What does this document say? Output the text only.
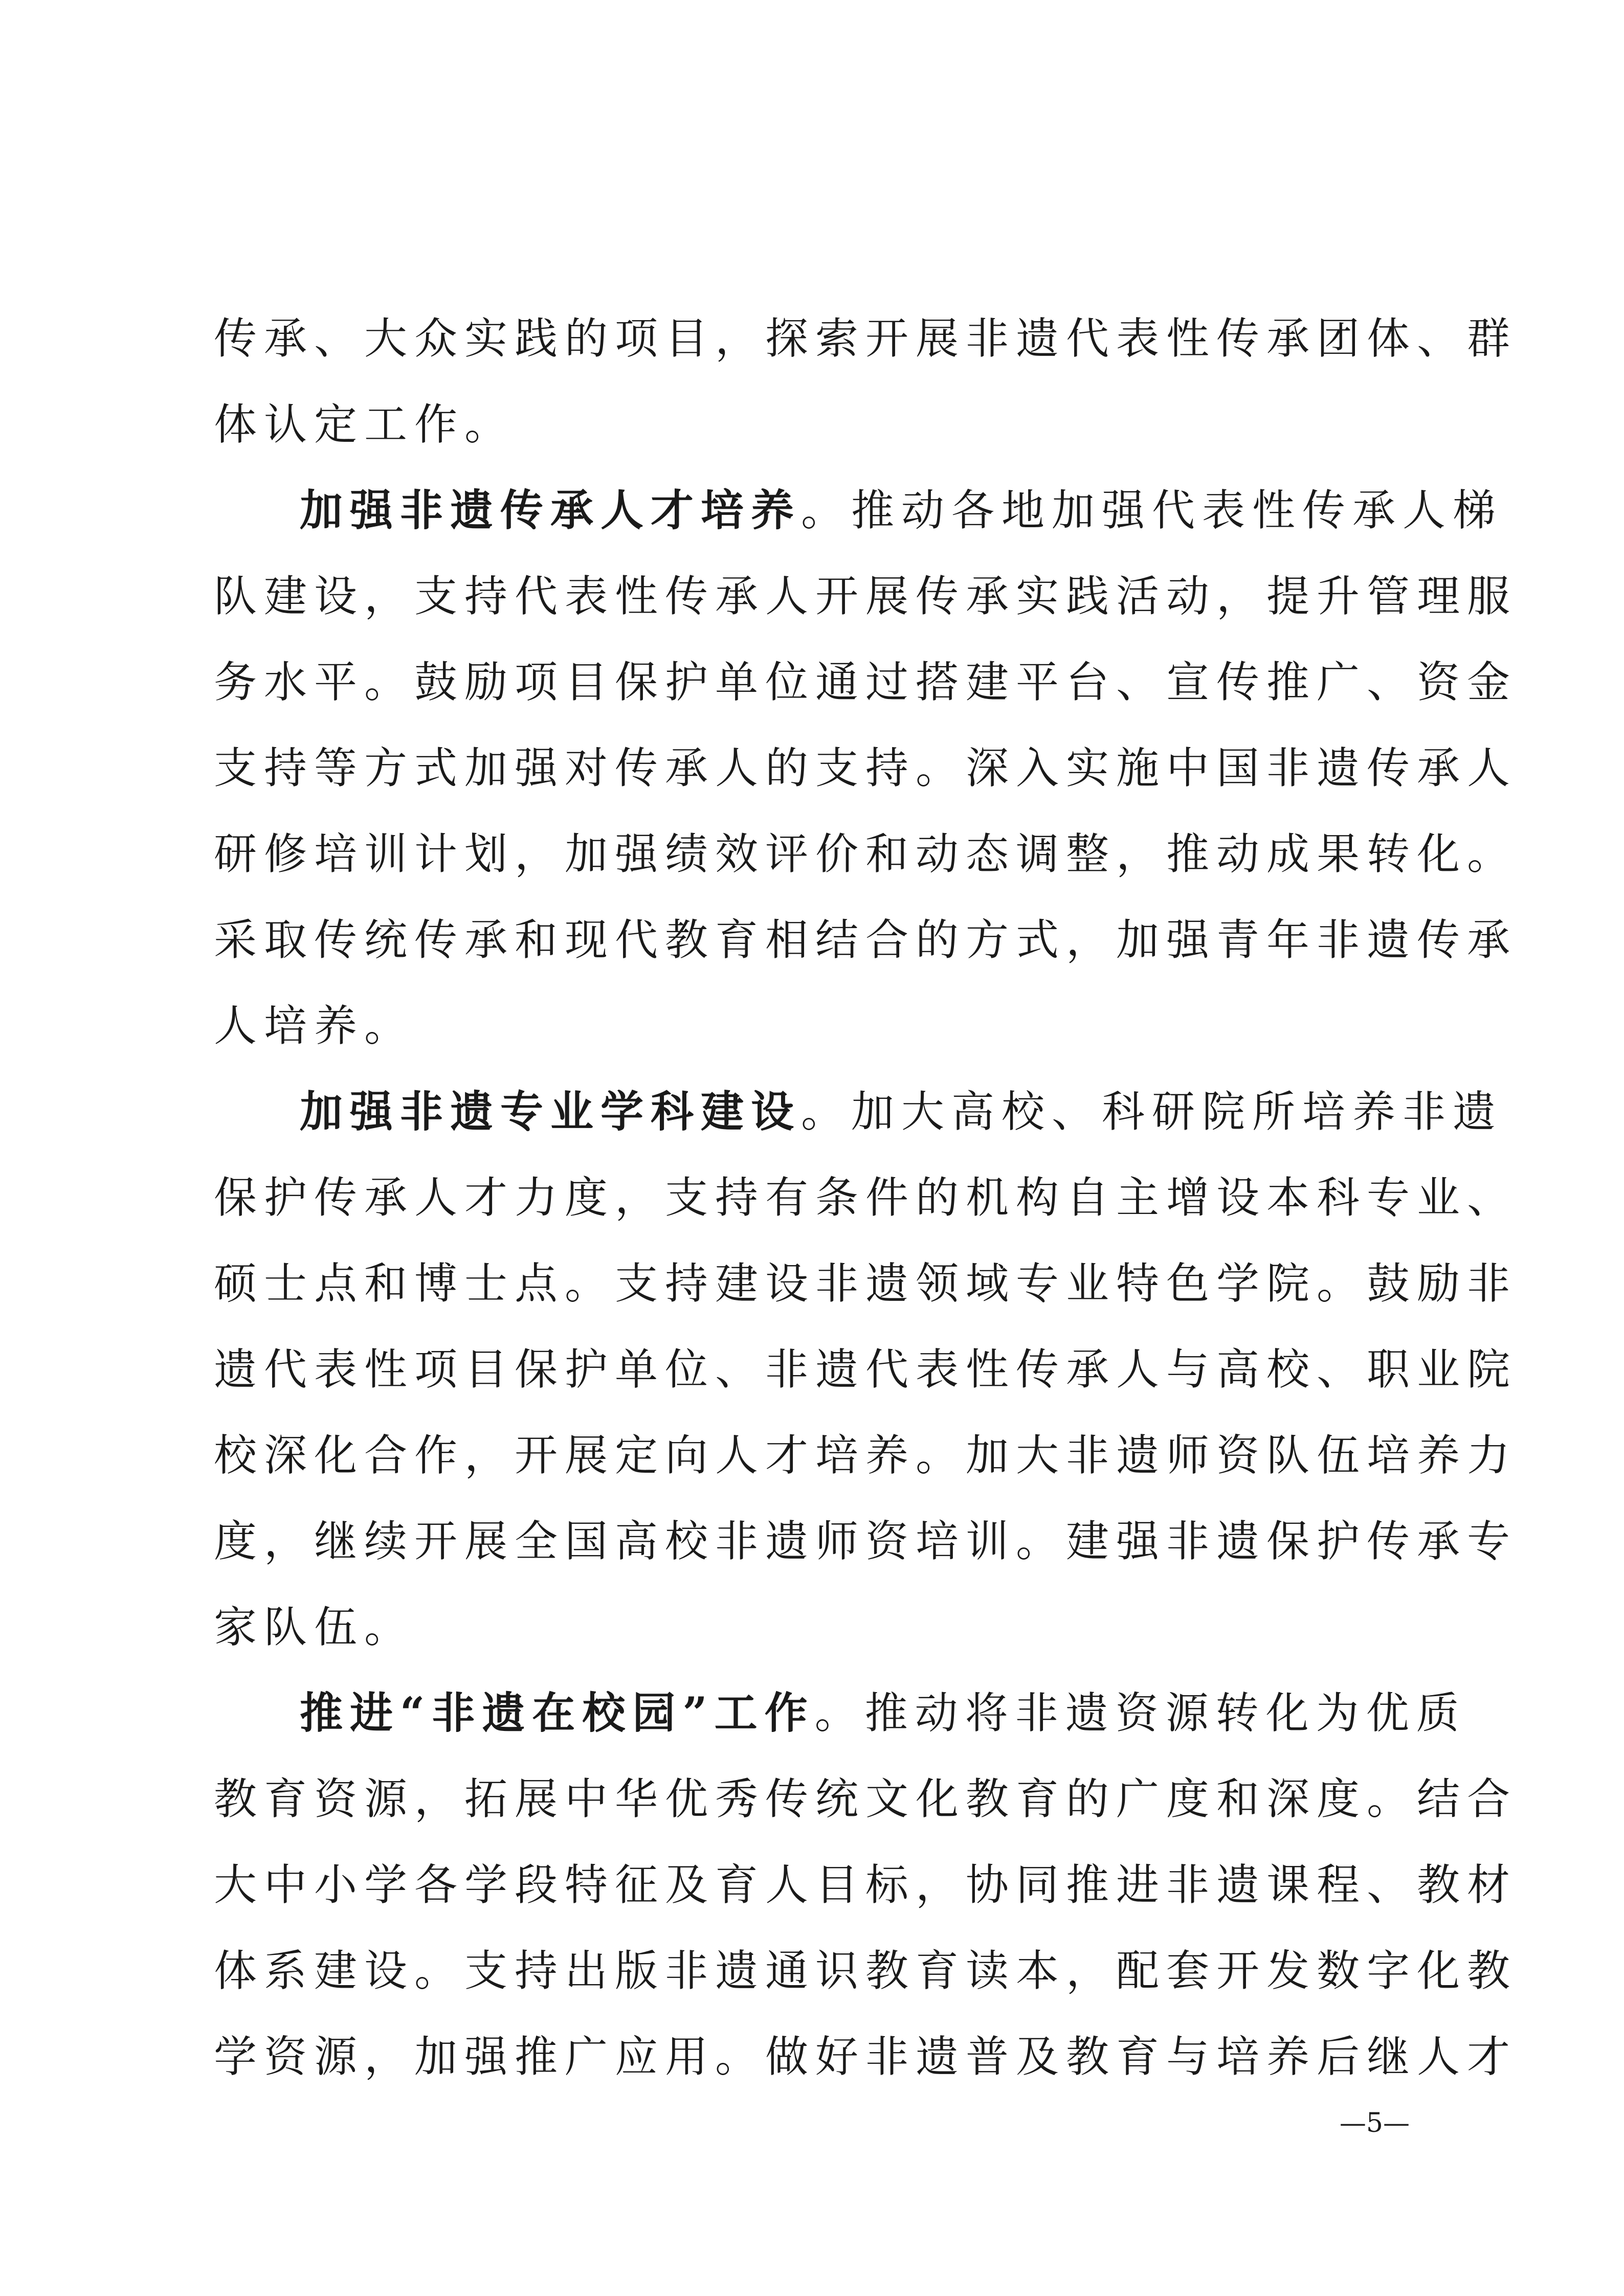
传承、大众实践的项目，探索开展非遗代表性传承团体、群
体认定工作。
加强非遗传承人才培养。推动各地加强代表性传承人梯
队建设，支持代表性传承人开展传承实践活动，提升管理服
务水平。鼓励项目保护单位通过搭建平台、宣传推广、资金
支持等方式加强对传承人的支持。深入实施中国非遗传承人
研修培训计划，加强绩效评价和动态调整，推动成果转化。
采取传统传承和现代教育相结合的方式，加强青年非遗传承
人培养。
加强非遗专业学科建设。加大高校、科研院所培养非遗
保护传承人才力度，支持有条件的机构自主增设本科专业、
硕士点和博士点。支持建设非遗领域专业特色学院。鼓励非
遗代表性项目保护单位、非遗代表性传承人与高校、职业院
校深化合作，开展定向人才培养。加大非遗师资队伍培养力
度，继续开展全国高校非遗师资培训。建强非遗保护传承专
家队伍。
推进“非遗在校园”工作。推动将非遗资源转化为优质
教育资源，拓展中华优秀传统文化教育的广度和深度。结合
大中小学各学段特征及育人目标，协同推进非遗课程、教材
体系建设。支持出版非遗通识教育读本，配套开发数字化教
学资源，加强推广应用。做好非遗普及教育与培养后继人才
—5—
